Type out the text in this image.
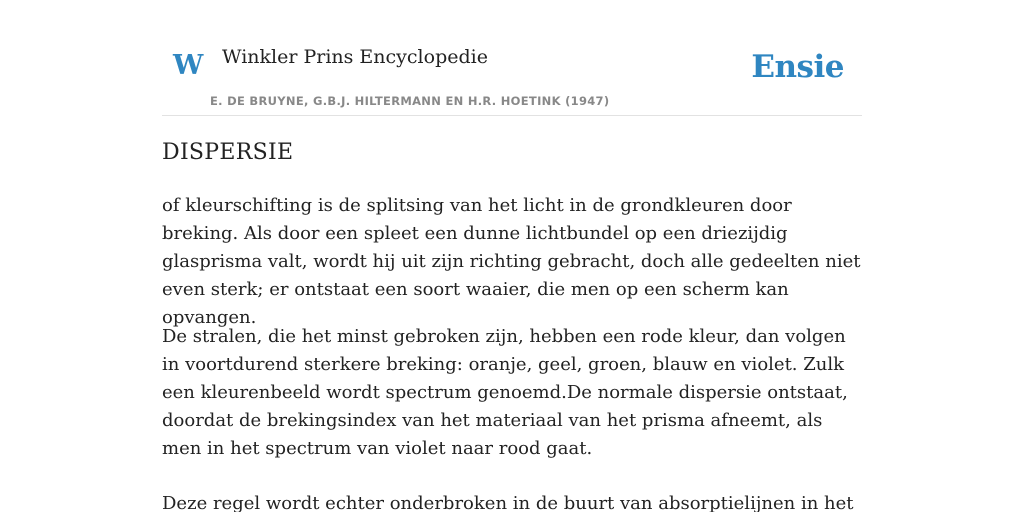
W Winkler Prins Encyclopedie
E. DE BRUYNE, G.B.J. HILTERMANN EN H.R. HOETINK (1947)
Ensie
DISPERSIE

of kleurschifting is de splitsing van het licht in de grondkleuren door breking. Als door een spleet een dunne lichtbundel op een driezijdig glasprisma valt, wordt hij uit zijn richting gebracht, doch alle gedeelten niet even sterk; er ontstaat een soort waaier, die men op een scherm kan opvangen.

De stralen, die het minst gebroken zijn, hebben een rode kleur, dan volgen in voortdurend sterkere breking: oranje, geel, groen, blauw en violet. Zulk een kleurenbeeld wordt spectrum genoemd.De normale dispersie ontstaat, doordat de brekingsindex van het materiaal van het prisma afneemt, als men in het spectrum van violet naar rood gaat.

Deze regel wordt echter onderbroken in de buurt van absorptielijnen in het
